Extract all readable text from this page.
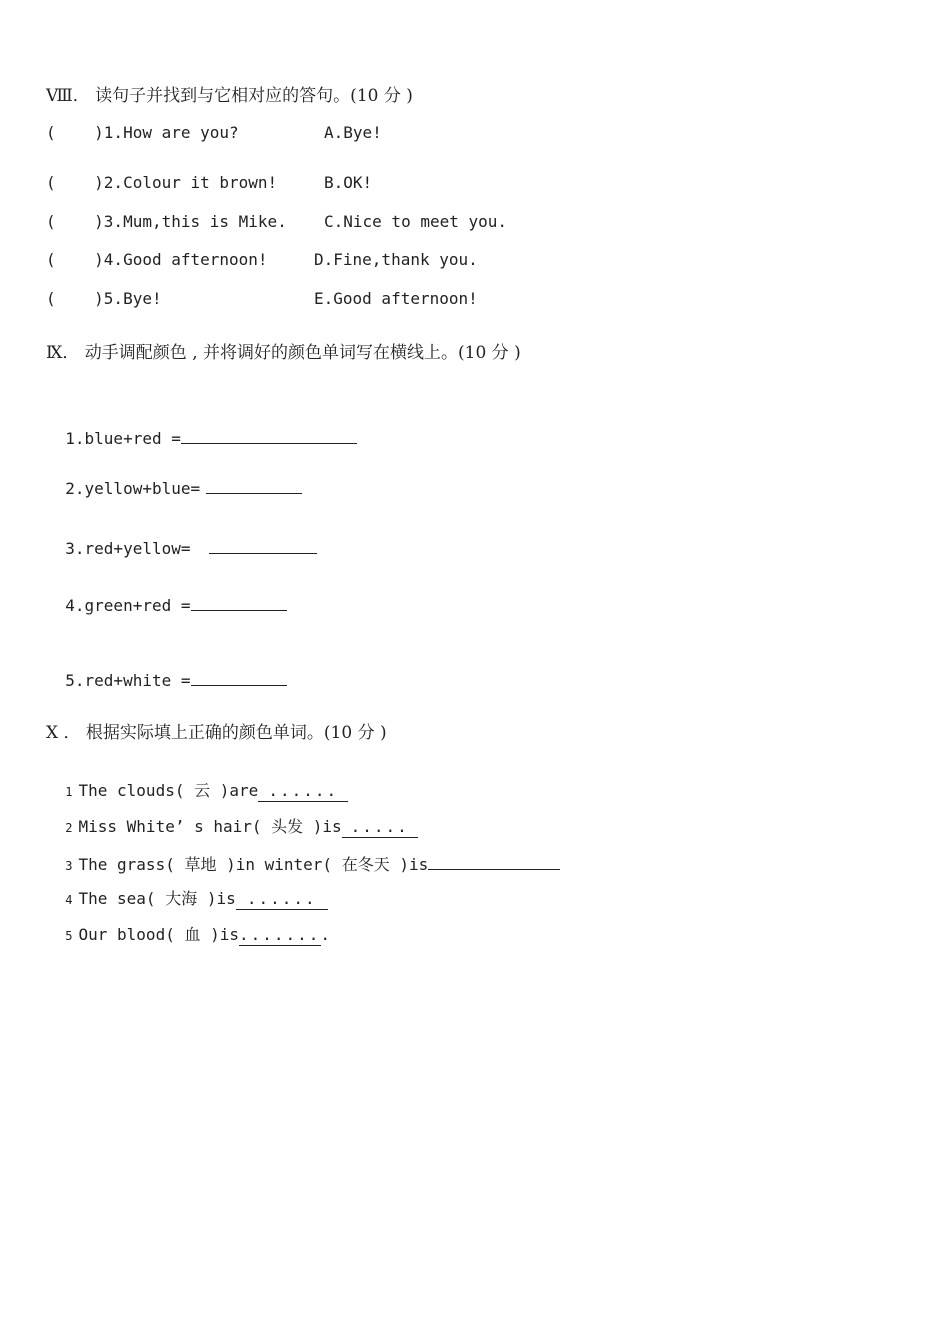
Ⅷ． 读句子并找到与它相对应的答句。(10 分 )
(    )1.How are you?	A.Bye!
(    )2.Colour it brown!	B.OK!
(    )3.Mum,this is Mike. C.Nice to meet you.
(    )4.Good afternoon!	D.Fine,thank you.
(    )5.Bye!	E.Good afternoon!
Ⅸ． 动手调配颜色 , 并将调好的颜色单词写在横线上。(10 分 )

1.blue+red =

2.yellow+blue=

3.red+yellow=

4.green+red =

5.red+white =

Ⅹ ． 根据实际填上正确的颜色单词。(10 分 )

1 The clouds( 云 )are ......

2 Miss White’ s hair( 头发 )is .....

3 The grass( 草地 )in winter( 在冬天 )is

4 The sea( 大海 )is ......

5 Our blood( 血 )is........
